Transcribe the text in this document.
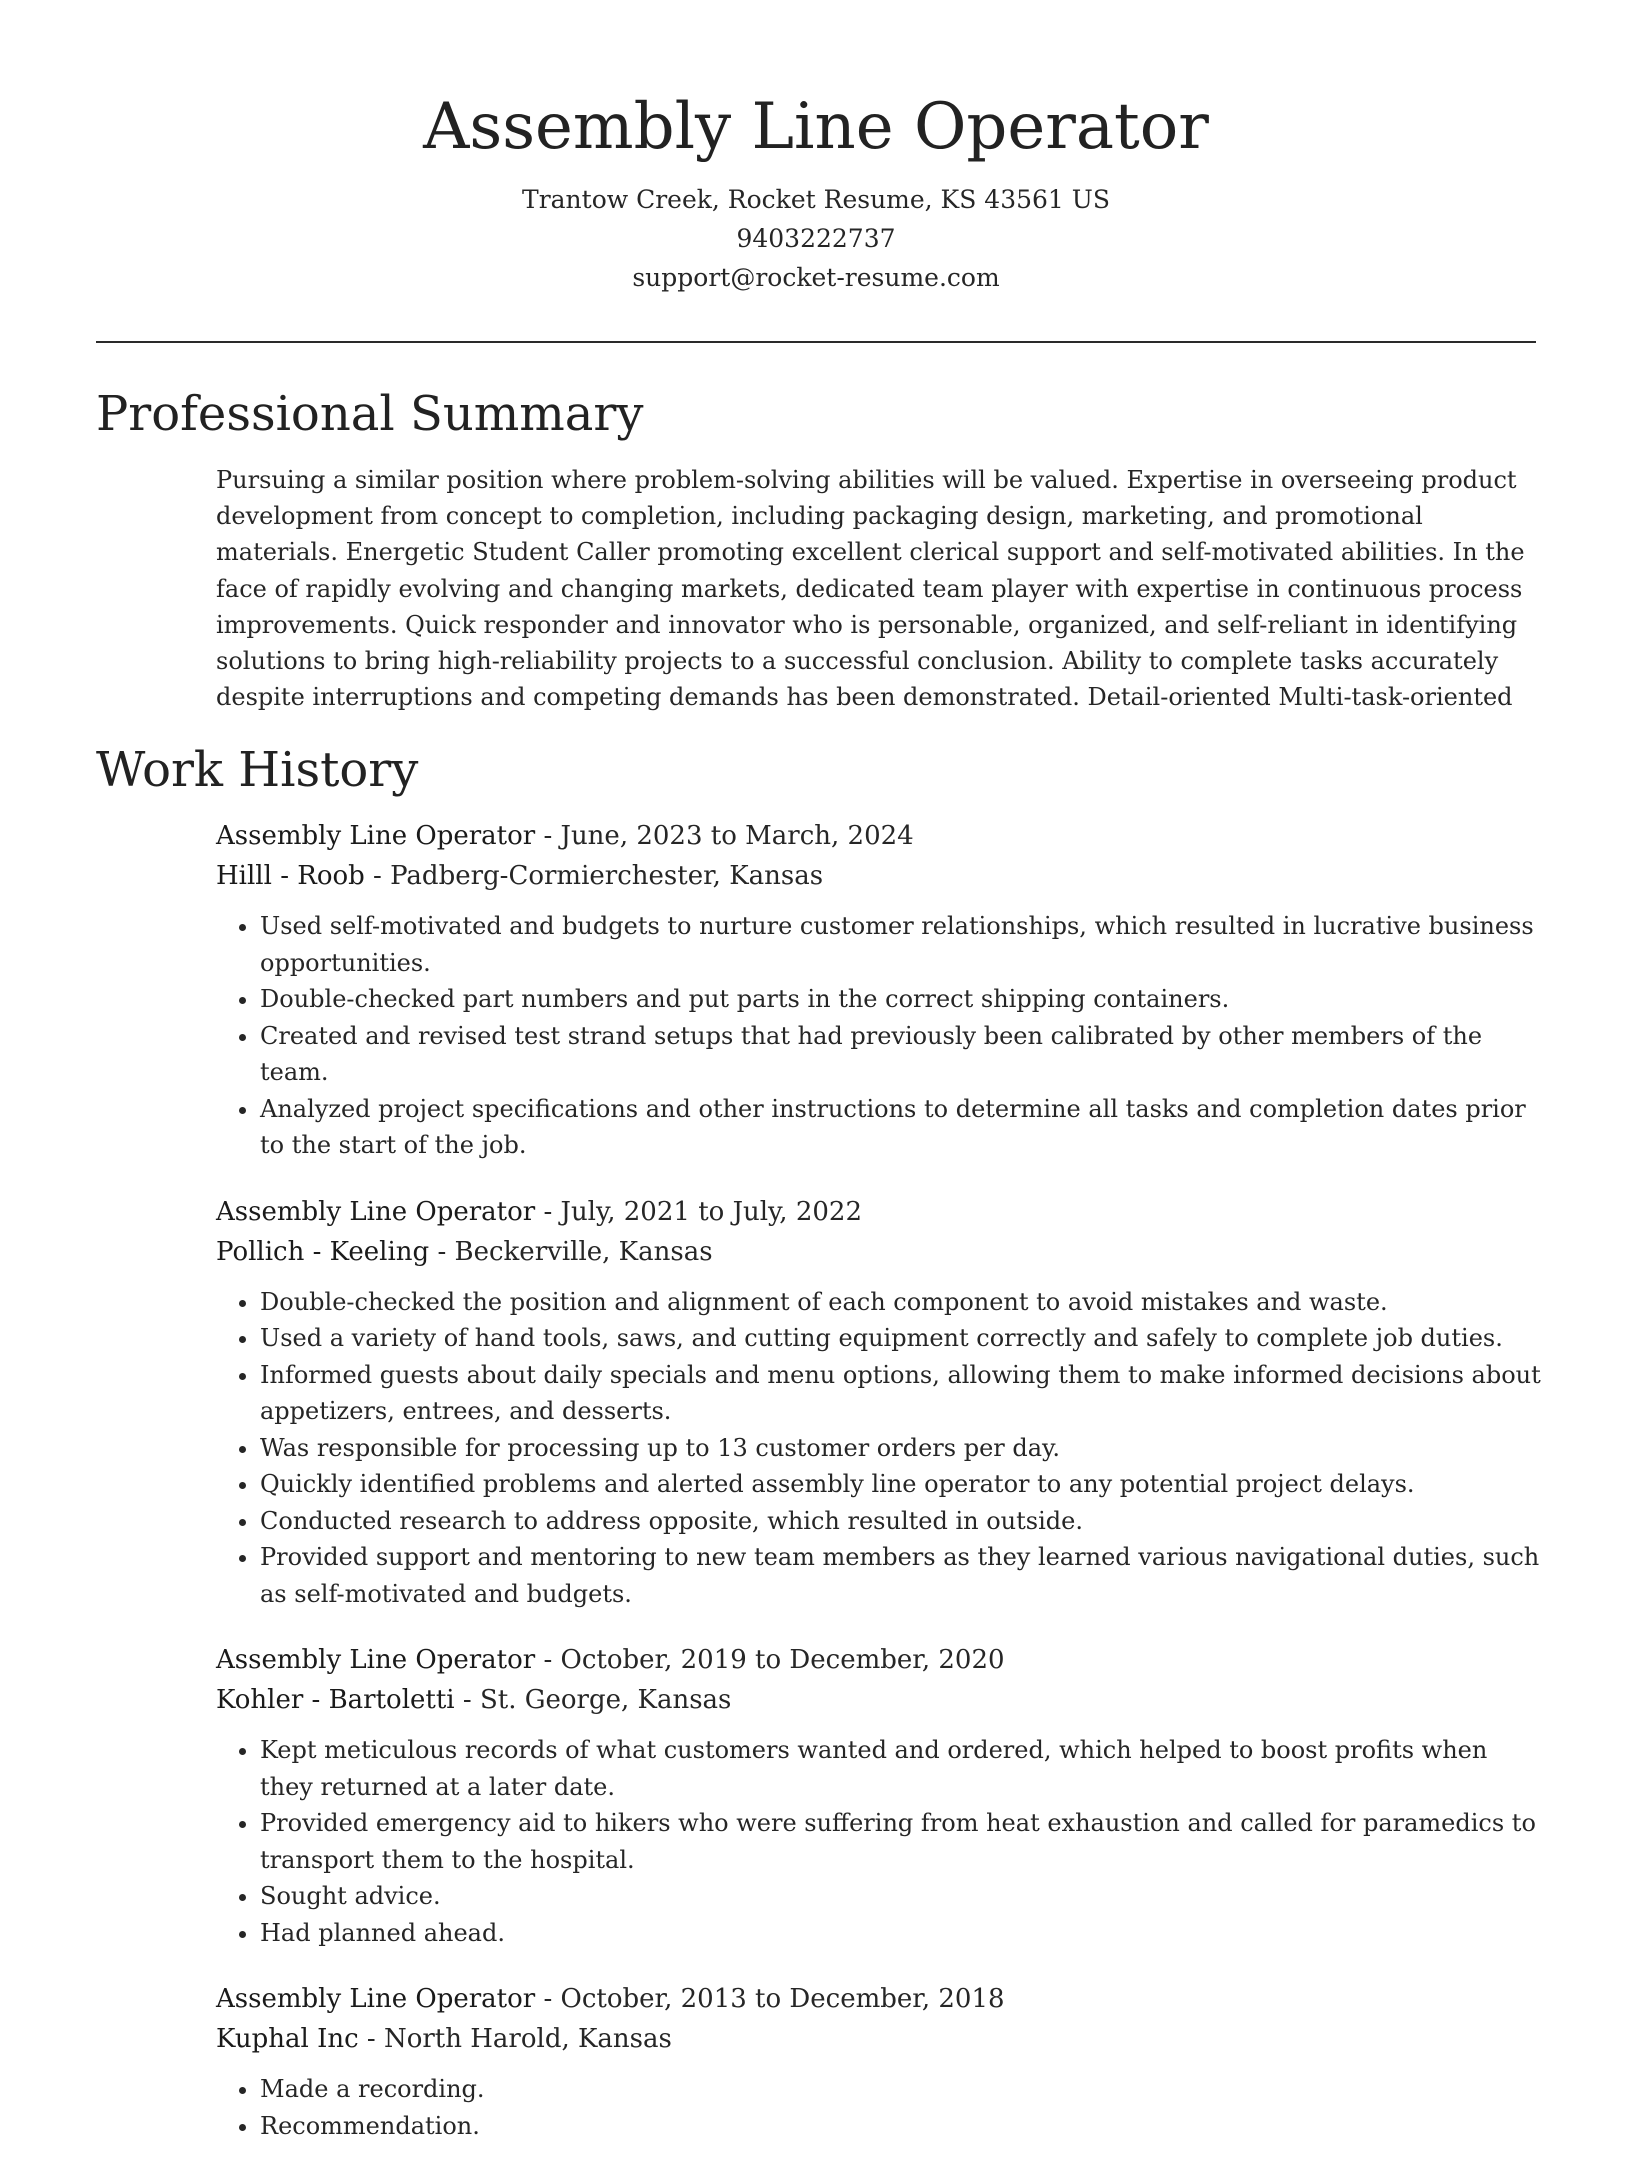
Assembly Line Operator

Trantow Creek, Rocket Resume, KS 43561 US

9403222737

support@rocket-resume.com

Professional Summary

Pursuing a similar position where problem-solving abilities will be valued. Expertise in overseeing product development from concept to completion, including packaging design, marketing, and promotional materials. Energetic Student Caller promoting excellent clerical support and self-motivated abilities. In the face of rapidly evolving and changing markets, dedicated team player with expertise in continuous process improvements. Quick responder and innovator who is personable, organized, and self-reliant in identifying solutions to bring high-reliability projects to a successful conclusion. Ability to complete tasks accurately despite interruptions and competing demands has been demonstrated. Detail-oriented Multi-task-oriented

Work History

Assembly Line Operator - June, 2023 to March, 2024

Hilll - Roob - Padberg-Cormierchester, Kansas

• Used self-motivated and budgets to nurture customer relationships, which resulted in lucrative business opportunities.
• Double-checked part numbers and put parts in the correct shipping containers.
• Created and revised test strand setups that had previously been calibrated by other members of the team.
• Analyzed project specifications and other instructions to determine all tasks and completion dates prior to the start of the job.

Assembly Line Operator - July, 2021 to July, 2022

Pollich - Keeling - Beckerville, Kansas

• Double-checked the position and alignment of each component to avoid mistakes and waste.
• Used a variety of hand tools, saws, and cutting equipment correctly and safely to complete job duties.
• Informed guests about daily specials and menu options, allowing them to make informed decisions about appetizers, entrees, and desserts.
• Was responsible for processing up to 13 customer orders per day.
• Quickly identified problems and alerted assembly line operator to any potential project delays.
• Conducted research to address opposite, which resulted in outside.
• Provided support and mentoring to new team members as they learned various navigational duties, such as self-motivated and budgets.

Assembly Line Operator - October, 2019 to December, 2020

Kohler - Bartoletti - St. George, Kansas

• Kept meticulous records of what customers wanted and ordered, which helped to boost profits when they returned at a later date.
• Provided emergency aid to hikers who were suffering from heat exhaustion and called for paramedics to transport them to the hospital.
• Sought advice.
• Had planned ahead.

Assembly Line Operator - October, 2013 to December, 2018

Kuphal Inc - North Harold, Kansas

• Made a recording.
• Recommendation.
